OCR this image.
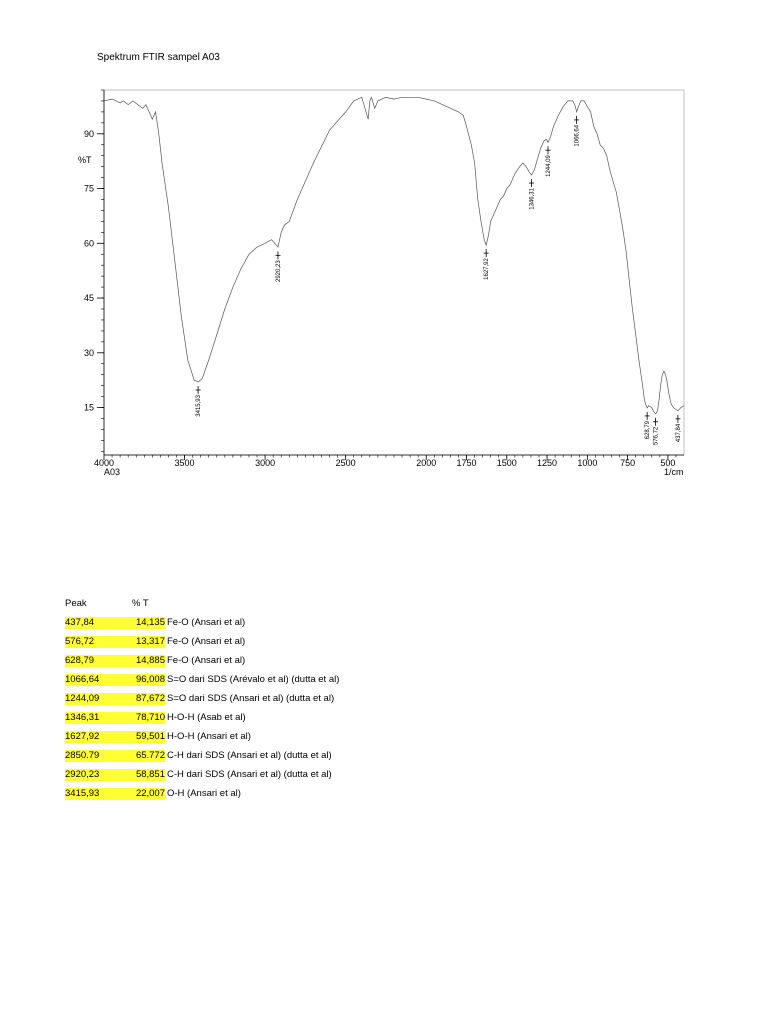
Spektrum FTIR sampel A03
90
75
60
45
30
15
4000	3500	3000	2500	2000 1750 1500 1250 1000	750	500
3415,93
2920,23	1627,92
1346,31
1244,09
1066,64
628,79 576,72	437,84
%T
1/cm
A03
Peak	% T	
437,84	14,135	Fe-O (Ansari et al)
576,72	13,317	Fe-O (Ansari et al)
628,79	14,885	Fe-O (Ansari et al)
1066,64	96,008	S=O dari SDS (Arévalo et al) (dutta et al)
1244,09	87,672	S=O dari SDS (Ansari et al) (dutta et al)
1346,31	78,710	H-O-H (Asab et al)
1627,92	59,501	H-O-H (Ansari et al)
2850.79	65.772	C-H dari SDS (Ansari et al) (dutta et al)
2920,23	58,851	C-H dari SDS (Ansari et al) (dutta et al)
3415,93	22,007	O-H (Ansari et al)
